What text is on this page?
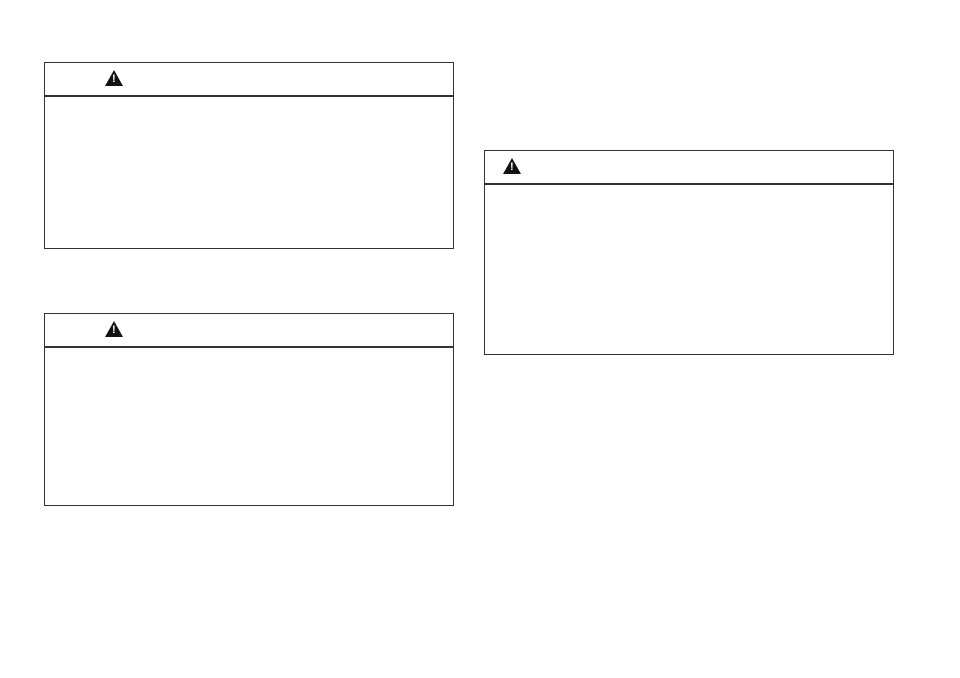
!
!
!
